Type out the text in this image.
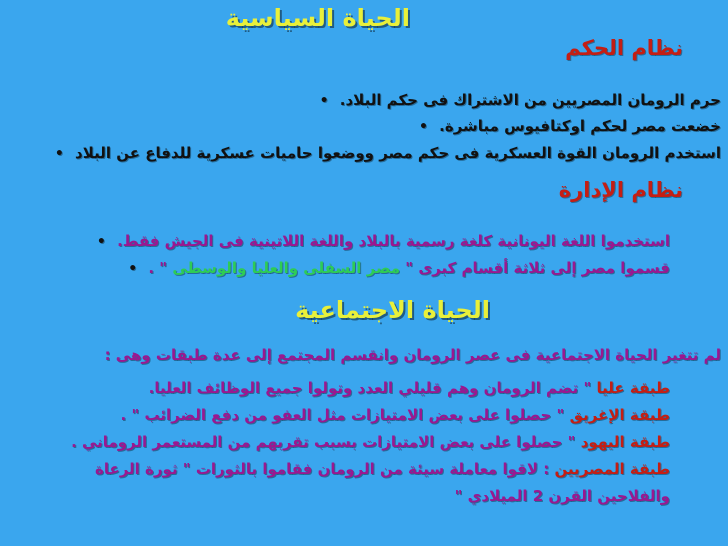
الحياة السياسية
نظام الحكم
حرم الرومان المصريين من الاشتراك فى حكم البلاد. •
خضعت مصر لحكم اوكتافيوس مباشرة. •
استخدم الرومان القوة العسكرية فى حكم مصر ووضعوا حاميات عسكرية للدفاع عن البلاد •
نظام الإدارة
استخدموا اللغة اليونانية كلغة رسمية بالبلاد واللغة اللاتينية فى الجيش فقط. •
قسموا مصر إلى ثلاثة أقسام كبرى " مصر السفلى والعليا والوسطى " . •
الحياة الاجتماعية
لم تتغير الحياة الاجتماعية فى عصر الرومان وانقسم المجتمع إلى عدة طبقات وهى :
طبقة عليا " تضم الرومان وهم قليلي العدد وتولوا جميع الوظائف العليا.
طبقة الإغريق " حصلوا على بعض الامتيازات مثل العفو من دفع الضرائب " .
طبقة اليهود " حصلوا على بعض الامتيازات بسبب تقربهم من المستعمر الروماني .
طبقة المصريين : لاقوا معاملة سيئة من الرومان فقاموا بالثورات " ثورة الرعاة
والفلاحين القرن 2 الميلادي "
